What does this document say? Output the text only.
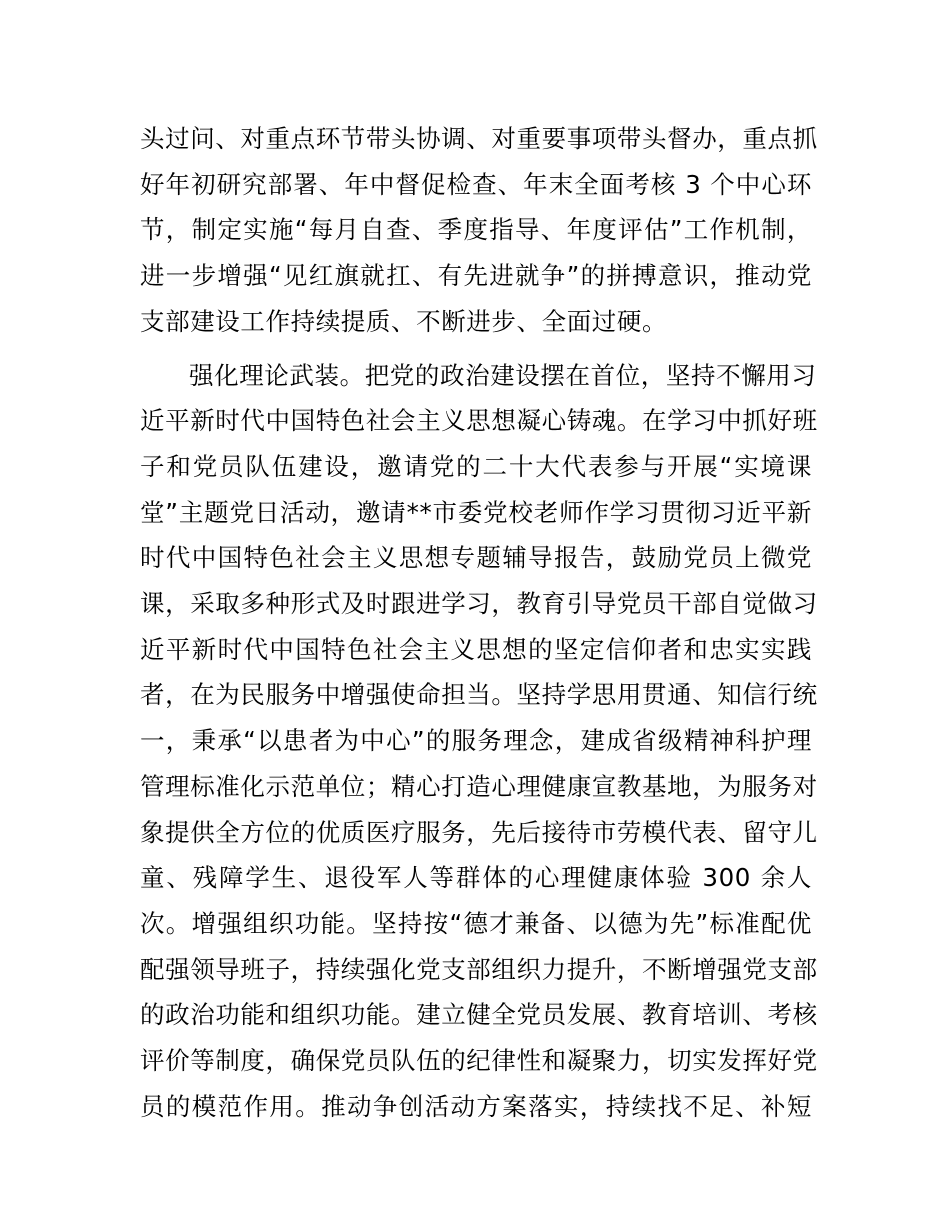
头过问、对重点环节带头协调、对重要事项带头督办，重点抓
好年初研究部署、年中督促检查、年末全面考核 3 个中心环
节，制定实施“每月自查、季度指导、年度评估”工作机制，
进一步增强“见红旗就扛、有先进就争”的拼搏意识，推动党
支部建设工作持续提质、不断进步、全面过硬。
强化理论武装。把党的政治建设摆在首位，坚持不懈用习
近平新时代中国特色社会主义思想凝心铸魂。在学习中抓好班
子和党员队伍建设，邀请党的二十大代表参与开展“实境课
堂”主题党日活动，邀请**市委党校老师作学习贯彻习近平新
时代中国特色社会主义思想专题辅导报告，鼓励党员上微党
课，采取多种形式及时跟进学习，教育引导党员干部自觉做习
近平新时代中国特色社会主义思想的坚定信仰者和忠实实践
者，在为民服务中增强使命担当。坚持学思用贯通、知信行统
一，秉承“以患者为中心”的服务理念，建成省级精神科护理
管理标准化示范单位；精心打造心理健康宣教基地，为服务对
象提供全方位的优质医疗服务，先后接待市劳模代表、留守儿
童、残障学生、退役军人等群体的心理健康体验 300 余人
次。增强组织功能。坚持按“德才兼备、以德为先”标准配优
配强领导班子，持续强化党支部组织力提升，不断增强党支部
的政治功能和组织功能。建立健全党员发展、教育培训、考核
评价等制度，确保党员队伍的纪律性和凝聚力，切实发挥好党
员的模范作用。推动争创活动方案落实，持续找不足、补短
